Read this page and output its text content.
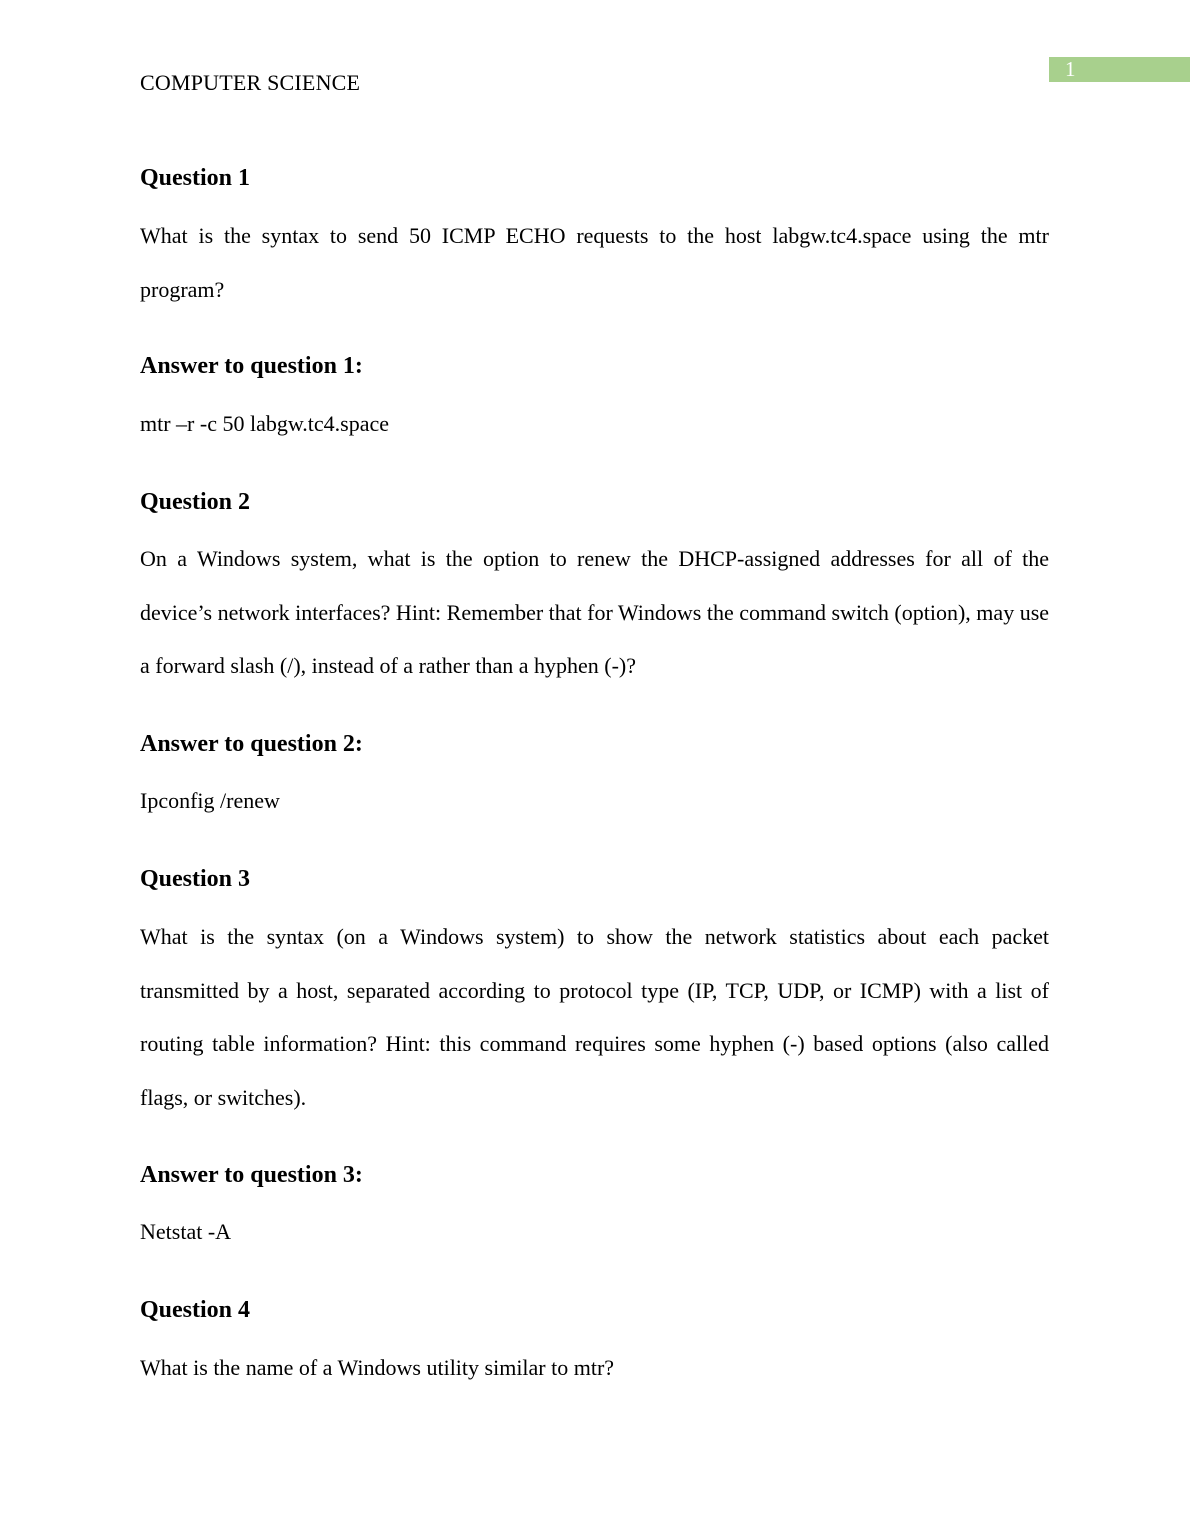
COMPUTER SCIENCE
1
Question 1
What is the syntax to send 50 ICMP ECHO requests to the host labgw.tc4.space using the mtr program?
Answer to question 1:
mtr –r -c 50 labgw.tc4.space
Question 2
On a Windows system, what is the option to renew the DHCP-assigned addresses for all of the device’s network interfaces? Hint: Remember that for Windows the command switch (option), may use a forward slash (/), instead of a rather than a hyphen (-)?
Answer to question 2:
Ipconfig /renew
Question 3
What is the syntax (on a Windows system) to show the network statistics about each packet transmitted by a host, separated according to protocol type (IP, TCP, UDP, or ICMP) with a list of routing table information? Hint: this command requires some hyphen (-) based options (also called flags, or switches).
Answer to question 3:
Netstat -A
Question 4
What is the name of a Windows utility similar to mtr?
